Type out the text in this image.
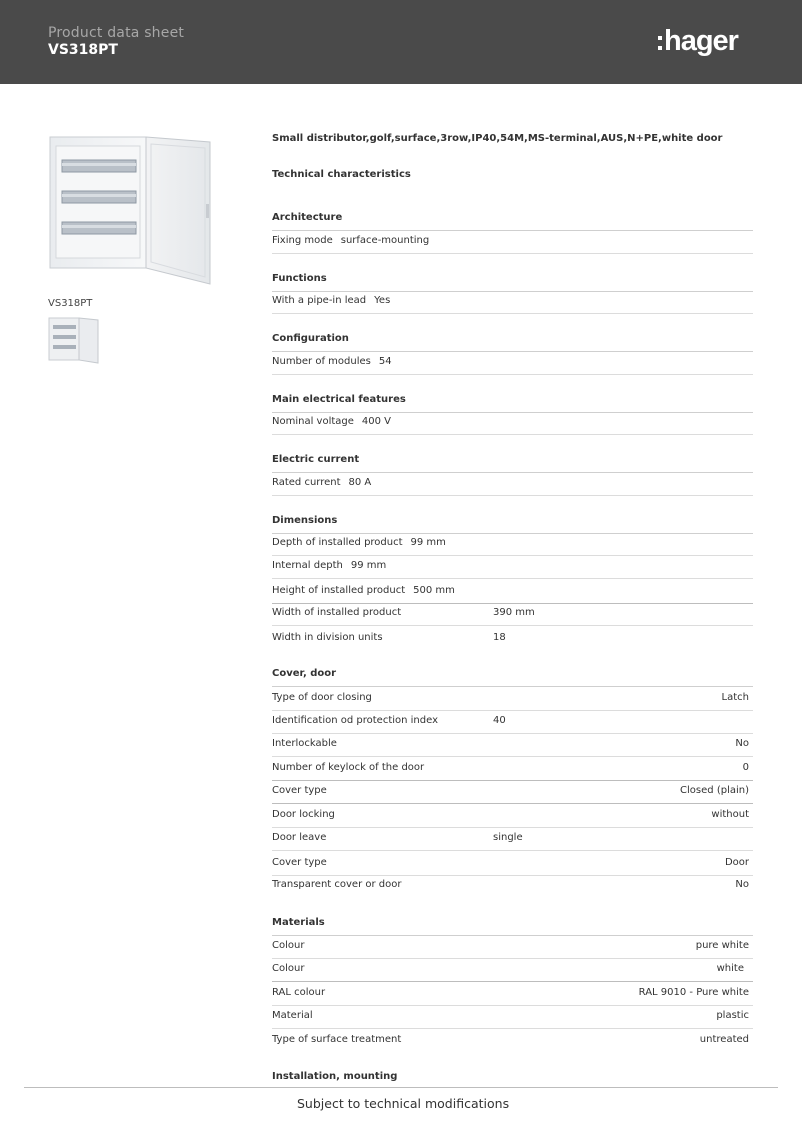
Product data sheet
VS318PT	hager
VS318PT
Small distributor,golf,surface,3row,IP40,54M,MS-terminal,AUS,N+PE,white door
Technical characteristics
Architecture
Fixing mode surface-mounting
Functions
With a pipe-in lead Yes
Configuration
Number of modules 54
Main electrical features
Nominal voltage 400 V
Electric current
Rated current 80 A
Dimensions
Depth of installed product 99 mm
Internal depth 99 mm
Height of installed product 500 mm
Width of installed product	390 mm
Width in division units	18
Cover, door
Type of door closing	Latch
Identification od protection index	40
Interlockable	No
Number of keylock of the door	0
Cover type	Closed (plain)
Door locking	without
Door leave	single
Cover type	Door
Transparent cover or door	No
Materials
Colour	pure white
Colour	white
RAL colour	RAL 9010 - Pure white
Material	plastic
Type of surface treatment	untreated
Installation, mounting
Subject to technical modifications
